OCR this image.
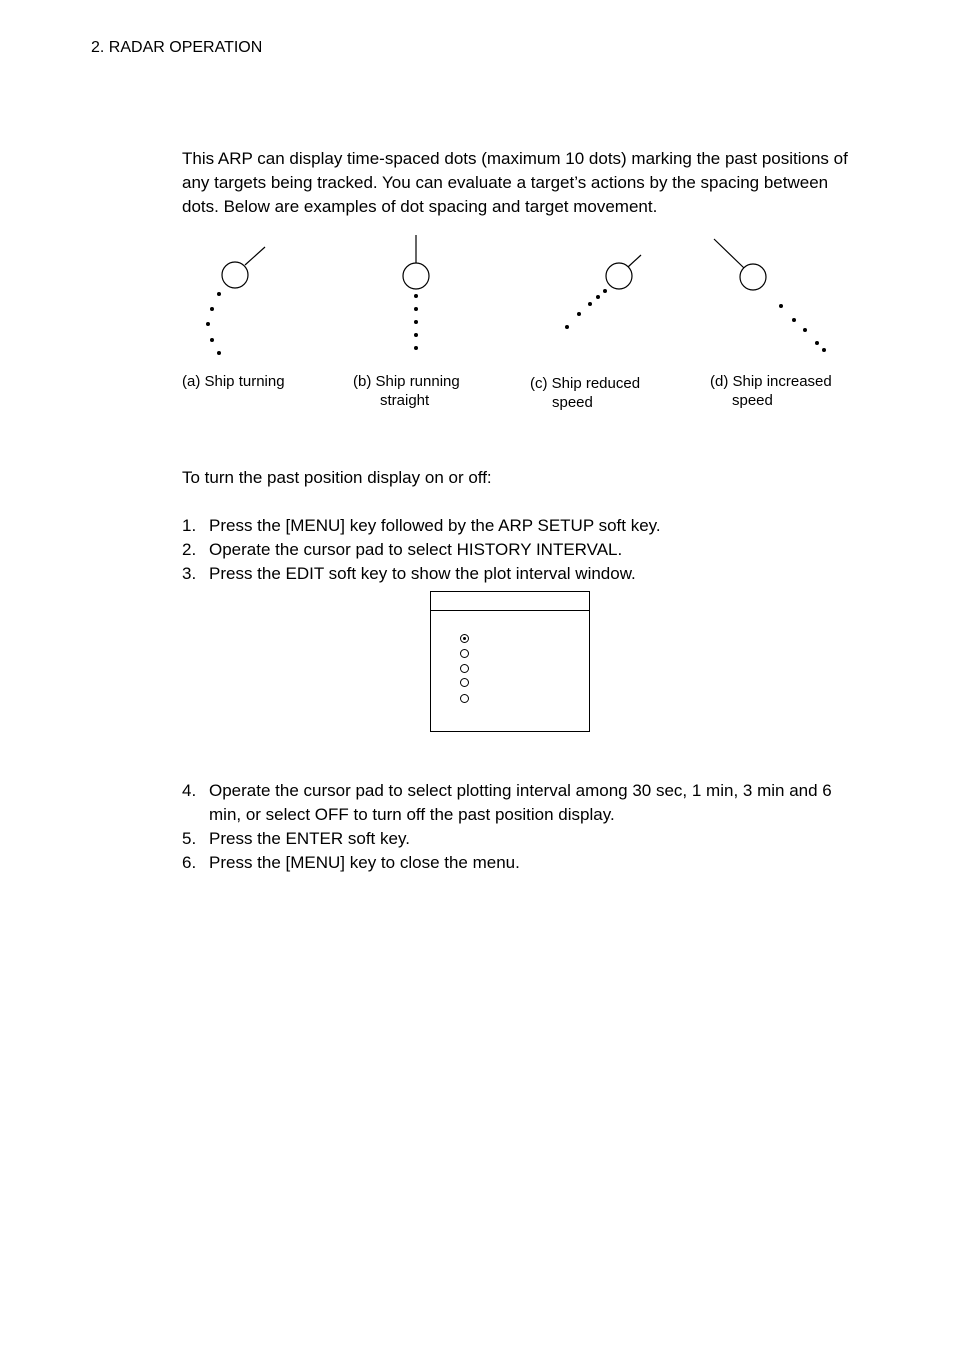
2. RADAR OPERATION
This ARP can display time-spaced dots (maximum 10 dots) marking the past positions of any targets being tracked. You can evaluate a target’s actions by the spacing between dots. Below are examples of dot spacing and target movement.
(a) Ship turning	(b) Ship running
straight
(c) Ship reduced
speed
(d) Ship increased
speed
To turn the past position display on or off:
1. Press the [MENU] key followed by the ARP SETUP soft key.
2. Operate the cursor pad to select HISTORY INTERVAL.
3. Press the EDIT soft key to show the plot interval window.
4. Operate the cursor pad to select plotting interval among 30 sec, 1 min, 3 min and 6 min, or select OFF to turn off the past position display.
5. Press the ENTER soft key.
6. Press the [MENU] key to close the menu.
